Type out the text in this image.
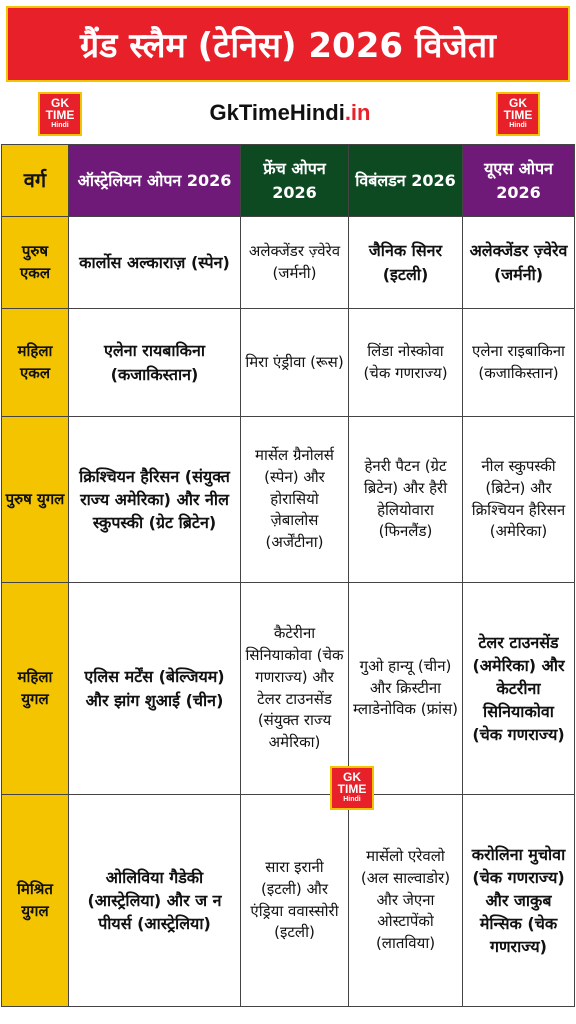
ग्रैंड स्लैम (टेनिस) 2026 विजेता
GK
TIME
Hindi
GkTimeHindi.in	GK
TIME
Hindi
वर्ग	ऑस्ट्रेलियन ओपन 2026	फ्रेंच ओपन 2026	विबंलडन 2026	यूएस ओपन 2026
पुरुष एकल	कार्लोस अल्काराज़ (स्पेन)	अलेक्जेंडर ज़्वेरेव (जर्मनी)	जैनिक सिनर (इटली)	अलेक्जेंडर ज़्वेरेव (जर्मनी)
महिला एकल	एलेना रायबाकिना (कजाकिस्तान)	मिरा एंड्रीवा (रूस)	लिंडा नोस्कोवा (चेक गणराज्य)	एलेना राइबाकिना (कजाकिस्तान)
पुरुष युगल	क्रिश्चियन हैरिसन (संयुक्त राज्य अमेरिका) और नील स्कुपस्की (ग्रेट ब्रिटेन)	मार्सेल ग्रैनोलर्स (स्पेन) और होरासियो ज़ेबालोस (अर्जेंटीना)	हेनरी पैटन (ग्रेट ब्रिटेन) और हैरी हेलियोवारा (फिनलैंड)	नील स्कुपस्की (ब्रिटेन) और क्रिश्चियन हैरिसन (अमेरिका)
महिला युगल	एलिस मर्टेंस (बेल्जियम) और झांग शुआई (चीन)	कैटेरीना सिनियाकोवा (चेक गणराज्य) और टेलर टाउनसेंड (संयुक्त राज्य अमेरिका)	गुओ हान्यू (चीन) और क्रिस्टीना म्लाडेनोविक (फ्रांस)	टेलर टाउनसेंड (अमेरिका) और केटरीना सिनियाकोवा (चेक गणराज्य)
मिश्रित युगल	ओलिविया गैडेकी (आस्ट्रेलिया) और ज न पीयर्स (आस्ट्रेलिया)	सारा इरानी (इटली) और एंड्रिया ववास्सोरी (इटली)	मार्सेलो एरेवलो (अल साल्वाडोर) और जेएना ओस्टापेंको (लातविया)	करोलिना मुचोवा (चेक गणराज्य) और जाकुब मेन्सिक (चेक गणराज्य)
GK
TIME
Hindi
